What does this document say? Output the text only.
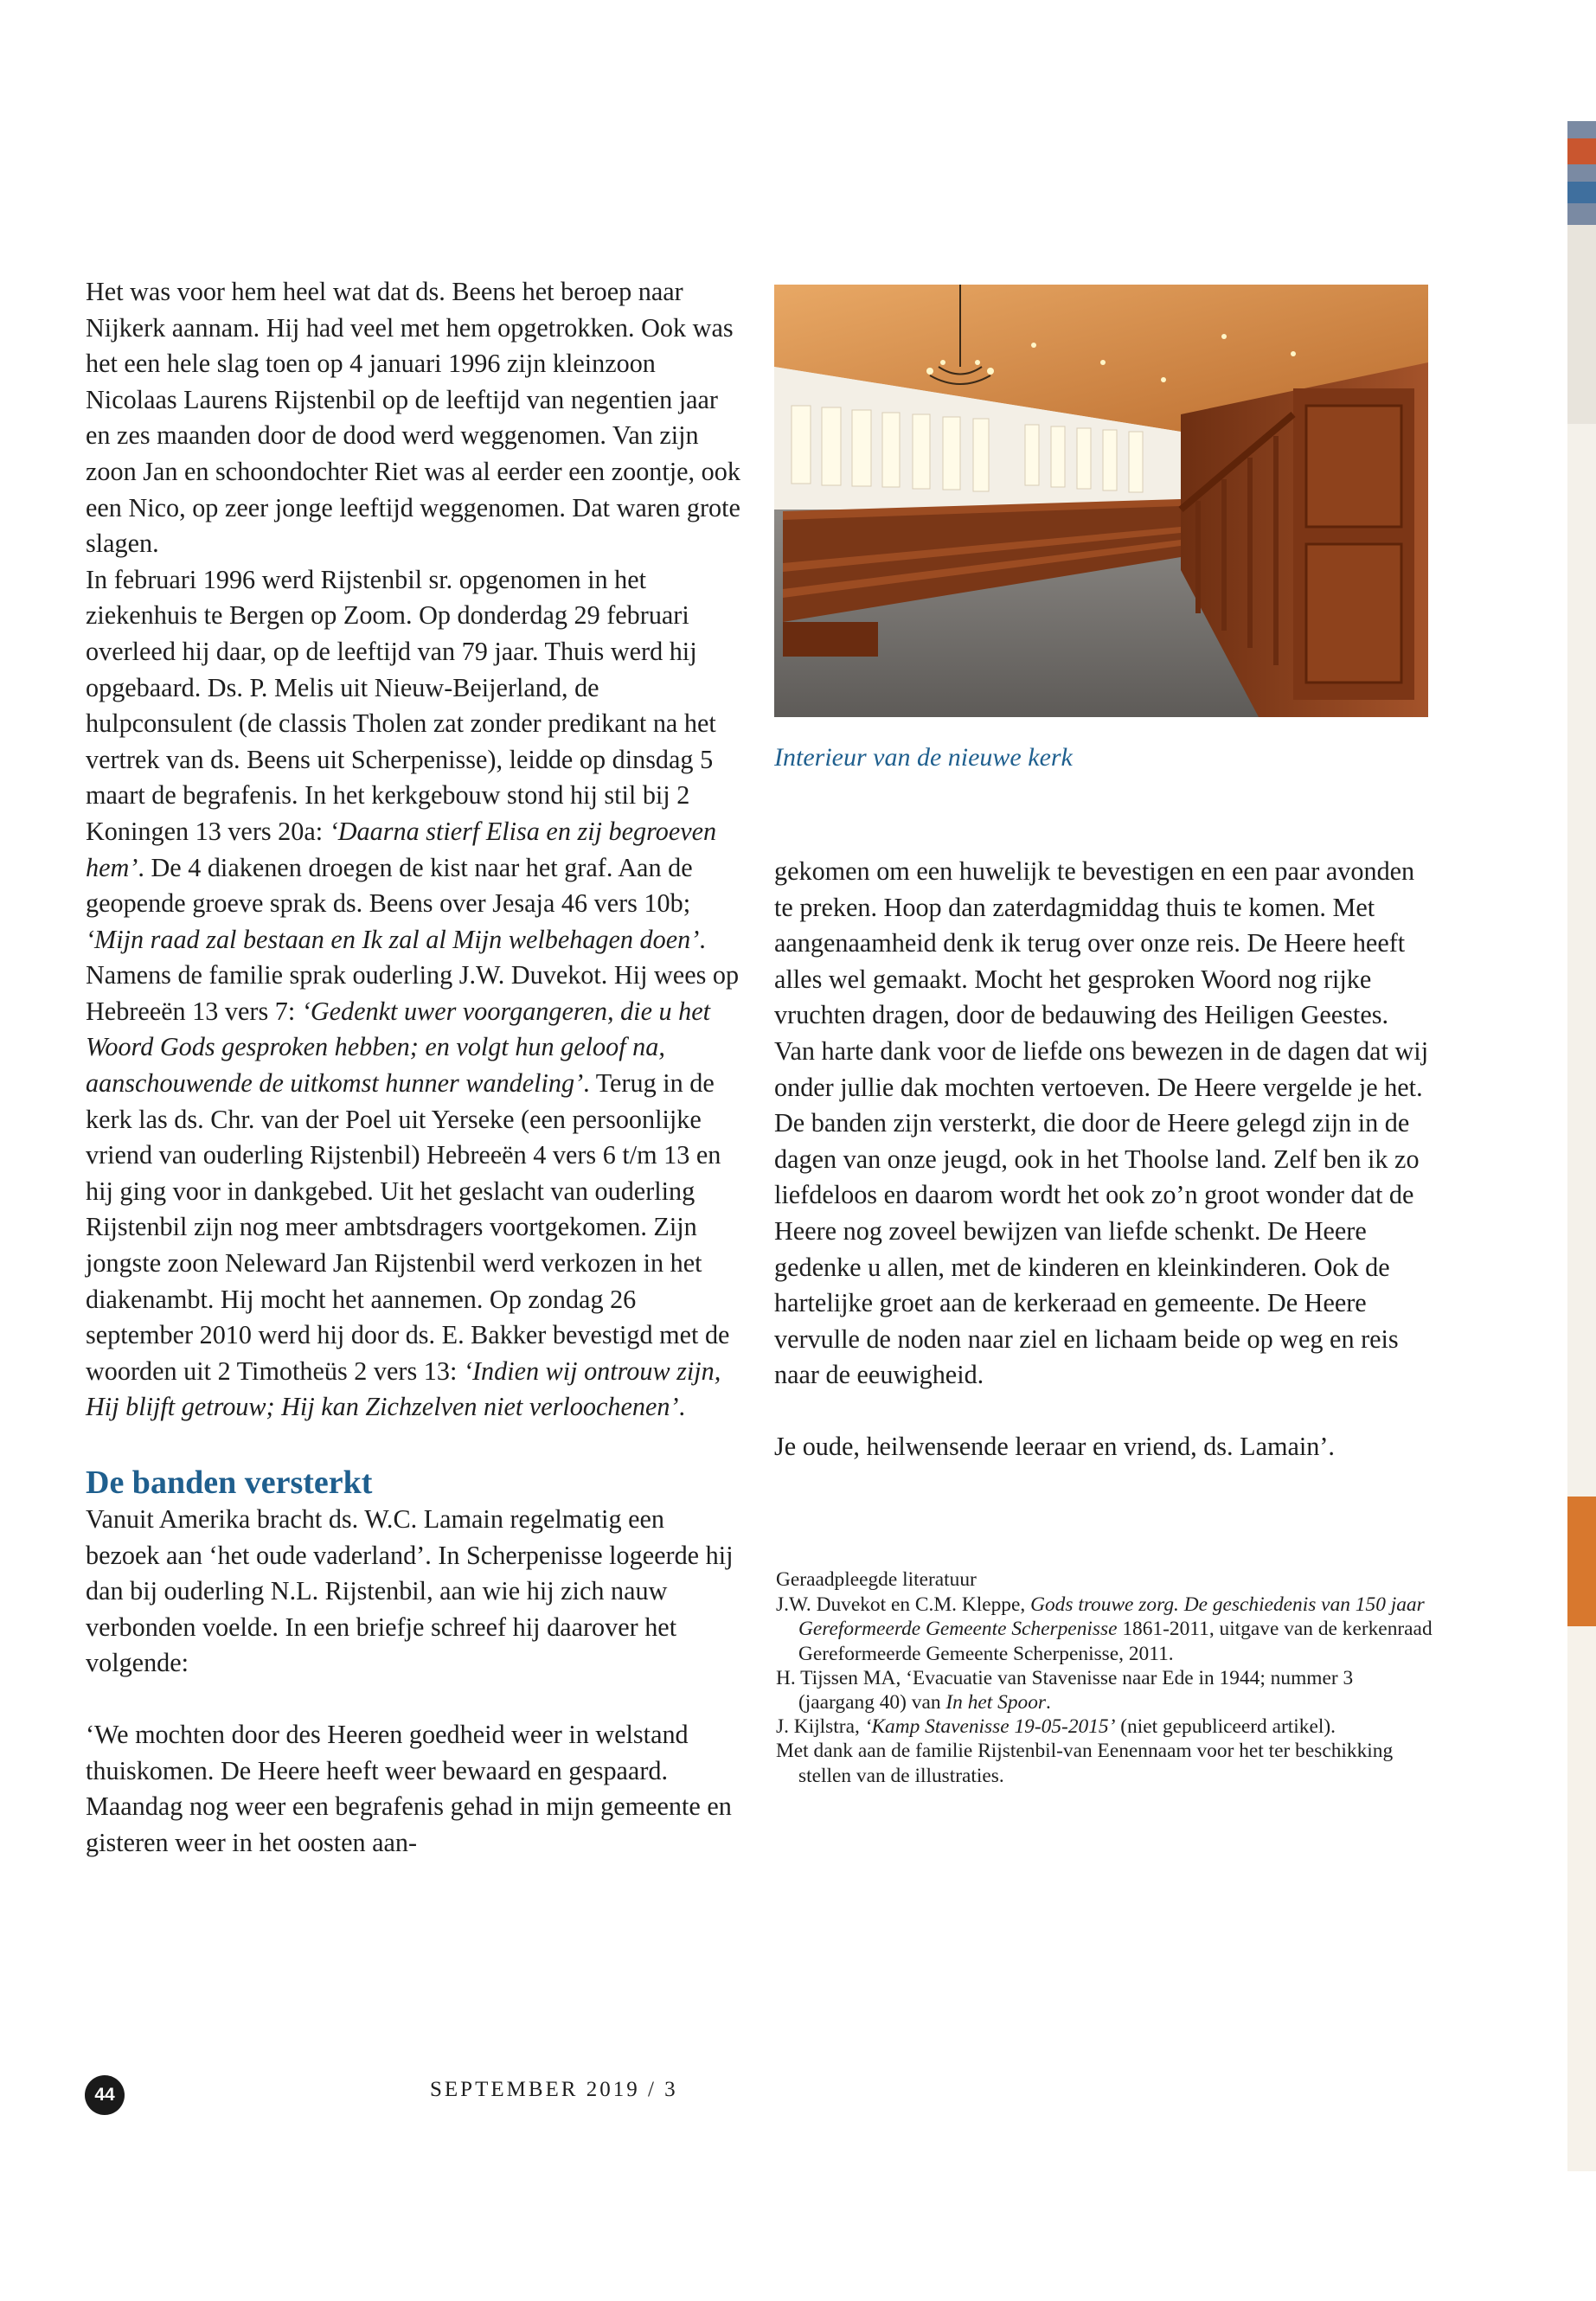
Het was voor hem heel wat dat ds. Beens het beroep naar Nijkerk aannam. Hij had veel met hem opgetrokken. Ook was het een hele slag toen op 4 januari 1996 zijn kleinzoon Nicolaas Laurens Rijstenbil op de leeftijd van negentien jaar en zes maanden door de dood werd weggenomen. Van zijn zoon Jan en schoondochter Riet was al eerder een zoontje, ook een Nico, op zeer jonge leeftijd weggenomen. Dat waren grote slagen.

In februari 1996 werd Rijstenbil sr. opgenomen in het ziekenhuis te Bergen op Zoom. Op donderdag 29 februari overleed hij daar, op de leeftijd van 79 jaar. Thuis werd hij opgebaard. Ds. P. Melis uit Nieuw-Beijerland, de hulpconsulent (de classis Tholen zat zonder predikant na het vertrek van ds. Beens uit Scherpenisse), leidde op dinsdag 5 maart de begrafenis. In het kerkgebouw stond hij stil bij 2 Koningen 13 vers 20a: ‘Daarna stierf Elisa en zij begroeven hem’. De 4 diakenen droegen de kist naar het graf. Aan de geopende groeve sprak ds. Beens over Jesaja 46 vers 10b; ‘Mijn raad zal bestaan en Ik zal al Mijn welbehagen doen’. Namens de familie sprak ouderling J.W. Duvekot. Hij wees op Hebreeën 13 vers 7: ‘Gedenkt uwer voorgangeren, die u het Woord Gods gesproken hebben; en volgt hun geloof na, aanschouwende de uitkomst hunner wandeling’. Terug in de kerk las ds. Chr. van der Poel uit Yerseke (een persoonlijke vriend van ouderling Rijstenbil) Hebreeën 4 vers 6 t/m 13 en hij ging voor in dankgebed. Uit het geslacht van ouderling Rijstenbil zijn nog meer ambtsdragers voortgekomen. Zijn jongste zoon Neleward Jan Rijstenbil werd verkozen in het diakenambt. Hij mocht het aannemen. Op zondag 26 september 2010 werd hij door ds. E. Bakker bevestigd met de woorden uit 2 Timotheüs 2 vers 13: ‘Indien wij ontrouw zijn, Hij blijft getrouw; Hij kan Zichzelven niet verloochenen’.

De banden versterkt

Vanuit Amerika bracht ds. W.C. Lamain regelmatig een bezoek aan ‘het oude vaderland’. In Scherpenisse logeerde hij dan bij ouderling N.L. Rijstenbil, aan wie hij zich nauw verbonden voelde. In een briefje schreef hij daarover het volgende:

‘We mochten door des Heeren goedheid weer in welstand thuiskomen. De Heere heeft weer bewaard en gespaard. Maandag nog weer een begrafenis gehad in mijn gemeente en gisteren weer in het oosten aan-

Interieur van de nieuwe kerk

gekomen om een huwelijk te bevestigen en een paar avonden te preken. Hoop dan zaterdagmiddag thuis te komen. Met aangenaamheid denk ik terug over onze reis. De Heere heeft alles wel gemaakt. Mocht het gesproken Woord nog rijke vruchten dragen, door de bedauwing des Heiligen Geestes. Van harte dank voor de liefde ons bewezen in de dagen dat wij onder jullie dak mochten vertoeven. De Heere vergelde je het. De banden zijn versterkt, die door de Heere gelegd zijn in de dagen van onze jeugd, ook in het Thoolse land. Zelf ben ik zo liefdeloos en daarom wordt het ook zo’n groot wonder dat de Heere nog zoveel bewijzen van liefde schenkt. De Heere gedenke u allen, met de kinderen en kleinkinderen. Ook de hartelijke groet aan de kerkeraad en gemeente. De Heere vervulle de noden naar ziel en lichaam beide op weg en reis naar de eeuwigheid.

Je oude, heilwensende leeraar en vriend, ds. Lamain’.

Geraadpleegde literatuur
J.W. Duvekot en C.M. Kleppe, Gods trouwe zorg. De geschiedenis van 150 jaar Gereformeerde Gemeente Scherpenisse 1861-2011, uitgave van de kerkenraad Gereformeerde Gemeente Scherpenisse, 2011.
H. Tijssen MA, ‘Evacuatie van Stavenisse naar Ede in 1944; nummer 3 (jaargang 40) van In het Spoor.
J. Kijlstra, ‘Kamp Stavenisse 19-05-2015’ (niet gepubliceerd artikel).
Met dank aan de familie Rijstenbil-van Eenennaam voor het ter beschikking stellen van de illustraties.
44	SEPTEMBER 2019 / 3
